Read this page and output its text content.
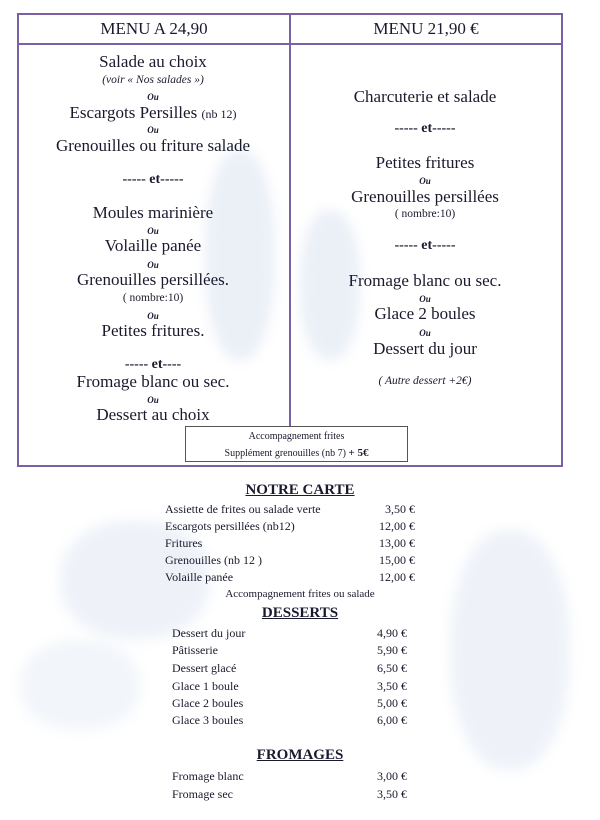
MENU A 24,90	MENU 21,90 €
Salade au choix
(voir « Nos salades »)
Ou
Escargots Persilles (nb 12)
Ou
Grenouilles ou friture salade
----- et-----
Moules marinière
Ou
Volaille panée
Ou
Grenouilles persillées.
( nombre:10)
Ou
Petites fritures.
----- et----
Fromage blanc ou sec.
Ou
Dessert au choix
Charcuterie et salade
----- et-----
Petites fritures
Ou
Grenouilles persillées
( nombre:10)
----- et-----
Fromage blanc ou sec.
Ou
Glace 2 boules
Ou
Dessert du jour
( Autre dessert +2€)
Accompagnement frites
Supplément grenouilles (nb 7) + 5€
NOTRE CARTE
Assiette de frites ou salade verte	3,50 €
Escargots persillées (nb12)	12,00 €
Fritures	13,00 €
Grenouilles (nb 12 )	15,00 €
Volaille panée	12,00 €
Accompagnement frites ou salade
DESSERTS
Dessert du jour	4,90 €
Pâtisserie	5,90 €
Dessert glacé	6,50 €
Glace 1 boule	3,50 €
Glace 2 boules	5,00 €
Glace 3 boules	6,00 €
FROMAGES
Fromage blanc	3,00 €
Fromage sec	3,50 €
